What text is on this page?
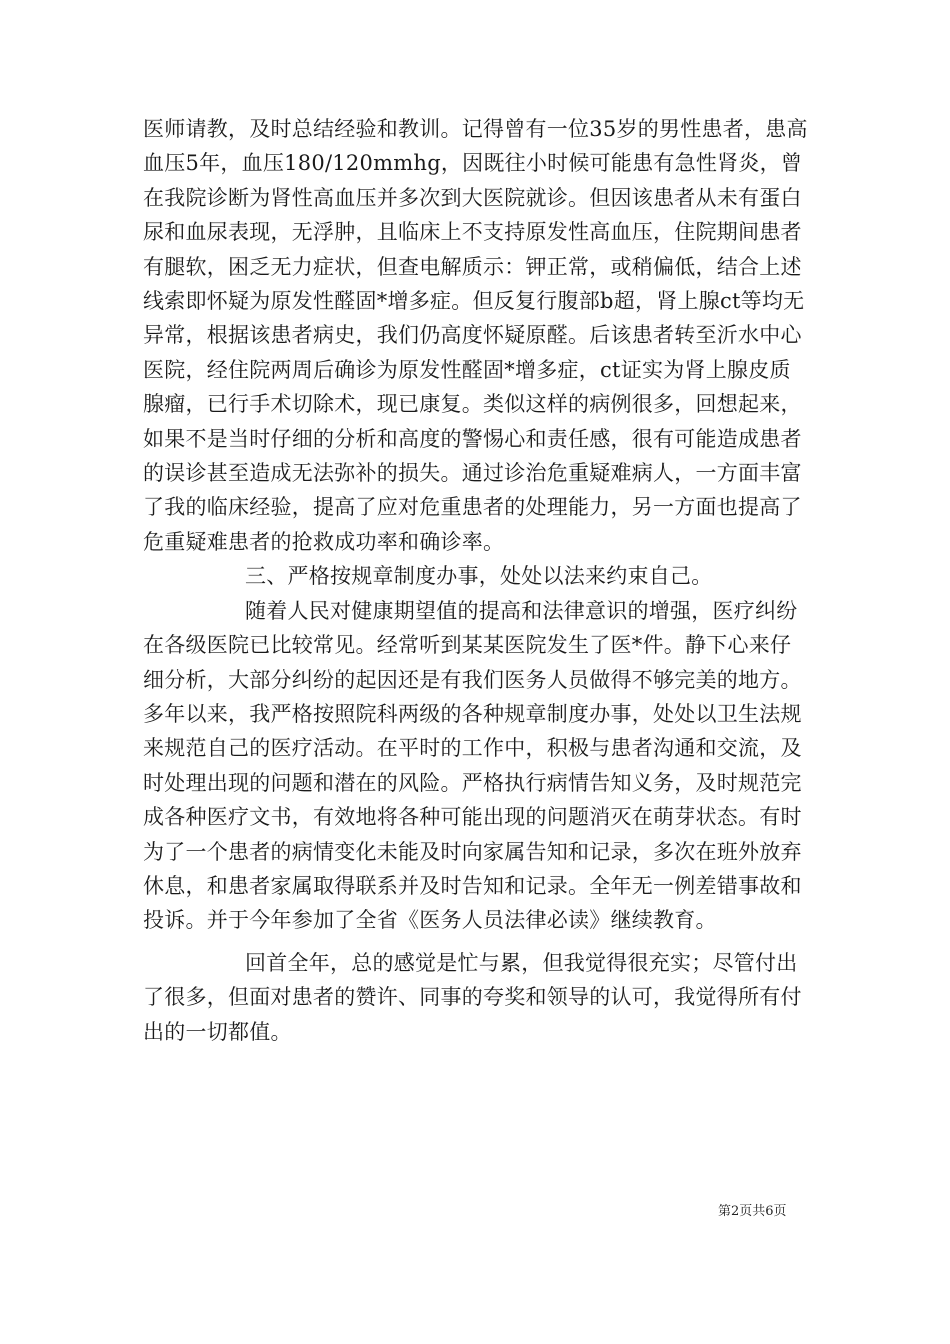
医师请教，及时总结经验和教训。记得曾有一位35岁的男性患者，患高血压5年，血压180/120mmhg，因既往小时候可能患有急性肾炎，曾在我院诊断为肾性高血压并多次到大医院就诊。但因该患者从未有蛋白尿和血尿表现，无浮肿，且临床上不支持原发性高血压，住院期间患者有腿软，困乏无力症状，但查电解质示：钾正常，或稍偏低，结合上述线索即怀疑为原发性醛固*增多症。但反复行腹部b超，肾上腺ct等均无异常，根据该患者病史，我们仍高度怀疑原醛。后该患者转至沂水中心医院，经住院两周后确诊为原发性醛固*增多症，ct证实为肾上腺皮质腺瘤，已行手术切除术，现已康复。类似这样的病例很多，回想起来，如果不是当时仔细的分析和高度的警惕心和责任感，很有可能造成患者的误诊甚至造成无法弥补的损失。通过诊治危重疑难病人，一方面丰富了我的临床经验，提高了应对危重患者的处理能力，另一方面也提高了危重疑难患者的抢救成功率和确诊率。

三、严格按规章制度办事，处处以法来约束自己。

随着人民对健康期望值的提高和法律意识的增强，医疗纠纷在各级医院已比较常见。经常听到某某医院发生了医*件。静下心来仔细分析，大部分纠纷的起因还是有我们医务人员做得不够完美的地方。多年以来，我严格按照院科两级的各种规章制度办事，处处以卫生法规来规范自己的医疗活动。在平时的工作中，积极与患者沟通和交流，及时处理出现的问题和潜在的风险。严格执行病情告知义务，及时规范完成各种医疗文书，有效地将各种可能出现的问题消灭在萌芽状态。有时为了一个患者的病情变化未能及时向家属告知和记录，多次在班外放弃休息，和患者家属取得联系并及时告知和记录。全年无一例差错事故和投诉。并于今年参加了全省《医务人员法律必读》继续教育。

回首全年，总的感觉是忙与累，但我觉得很充实；尽管付出了很多，但面对患者的赞许、同事的夸奖和领导的认可，我觉得所有付出的一切都值。

第2页共6页
